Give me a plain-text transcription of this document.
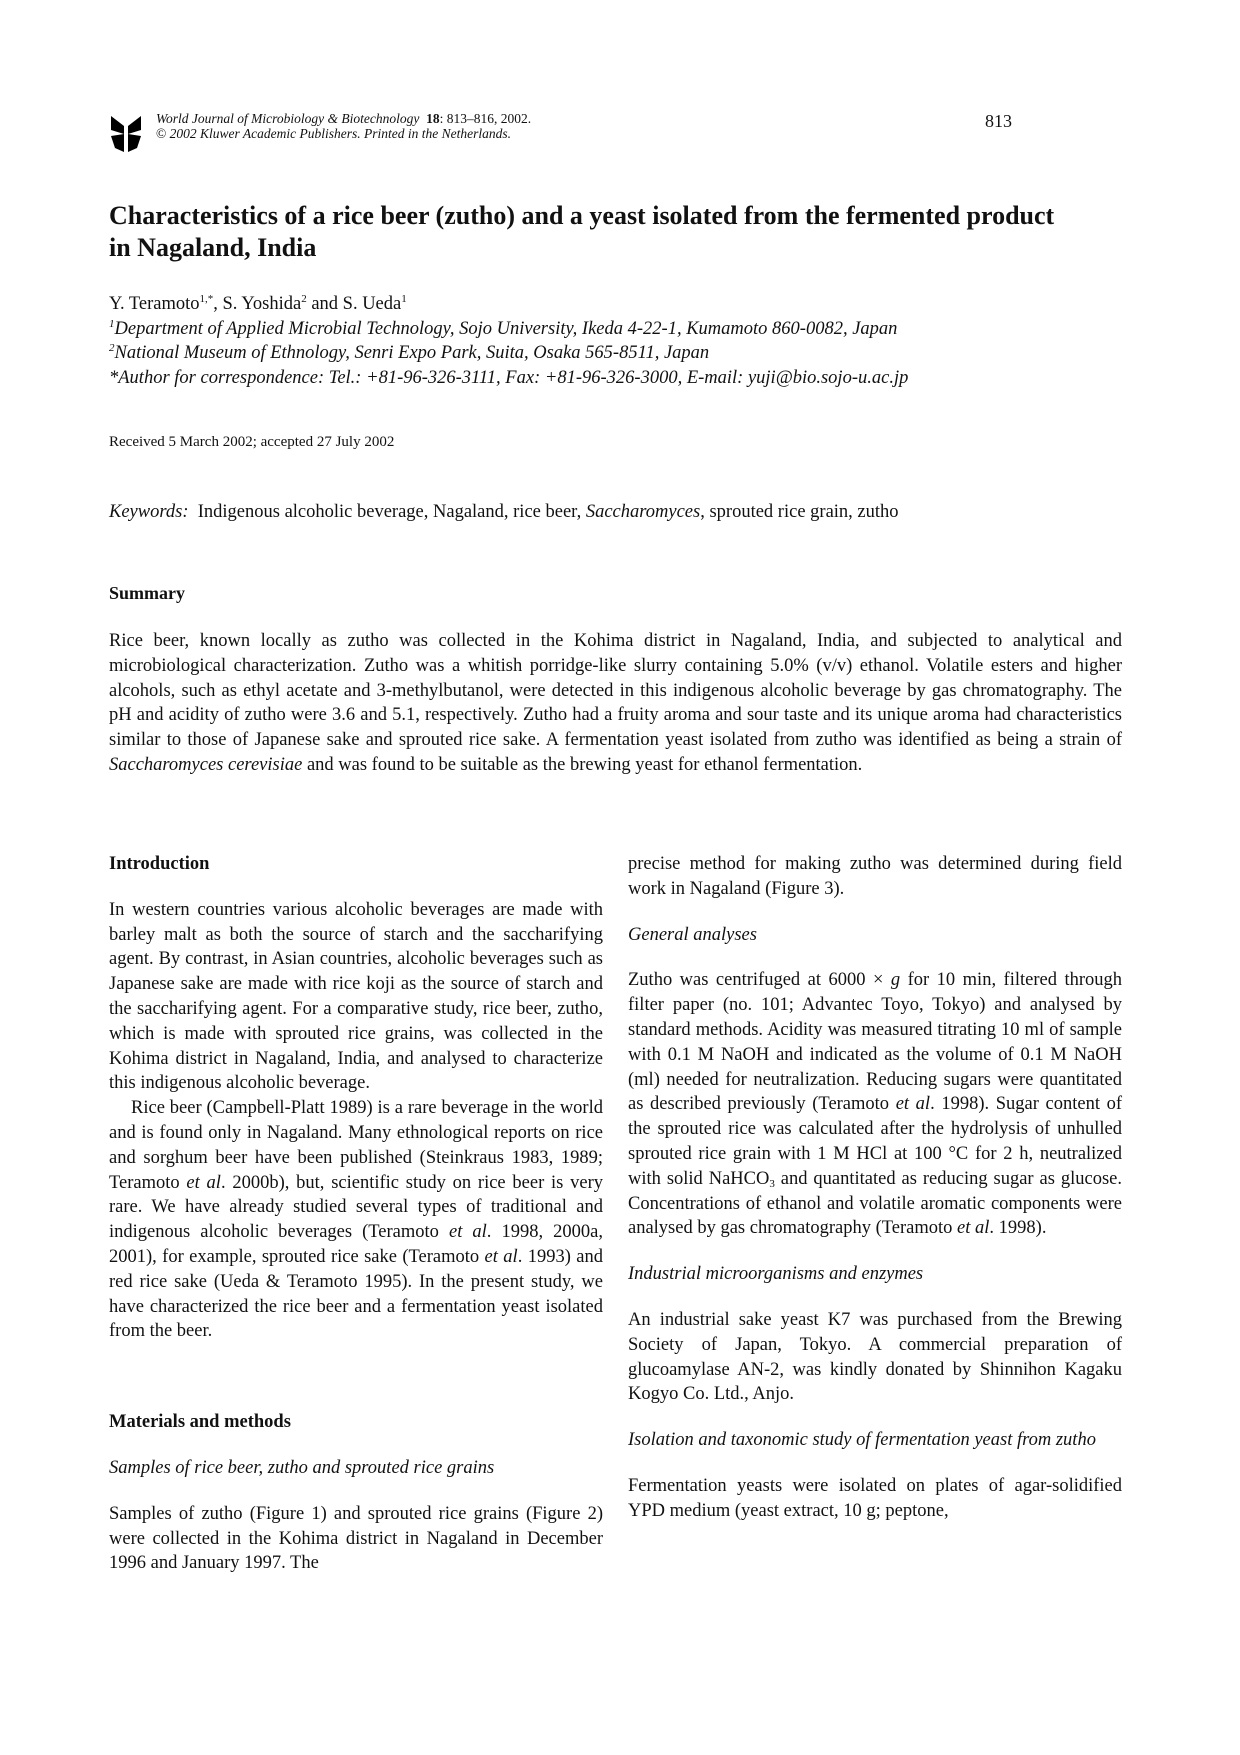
World Journal of Microbiology & Biotechnology 18: 813–816, 2002.
© 2002 Kluwer Academic Publishers. Printed in the Netherlands.
813
Characteristics of a rice beer (zutho) and a yeast isolated from the fermented product in Nagaland, India
Y. Teramoto$^{1,*}$, S. Yoshida$^2$ and S. Ueda$^1$
$^1$Department of Applied Microbial Technology, Sojo University, Ikeda 4-22-1, Kumamoto 860-0082, Japan
$^2$National Museum of Ethnology, Senri Expo Park, Suita, Osaka 565-8511, Japan
*Author for correspondence: Tel.: +81-96-326-3111, Fax: +81-96-326-3000, E-mail: yuji@bio.sojo-u.ac.jp
Received 5 March 2002; accepted 27 July 2002
Keywords: Indigenous alcoholic beverage, Nagaland, rice beer, Saccharomyces, sprouted rice grain, zutho
Summary
Rice beer, known locally as zutho was collected in the Kohima district in Nagaland, India, and subjected to analytical and microbiological characterization. Zutho was a whitish porridge-like slurry containing 5.0% (v/v) ethanol. Volatile esters and higher alcohols, such as ethyl acetate and 3-methylbutanol, were detected in this indigenous alcoholic beverage by gas chromatography. The pH and acidity of zutho were 3.6 and 5.1, respectively. Zutho had a fruity aroma and sour taste and its unique aroma had characteristics similar to those of Japanese sake and sprouted rice sake. A fermentation yeast isolated from zutho was identified as being a strain of Saccharomyces cerevisiae and was found to be suitable as the brewing yeast for ethanol fermentation.

Introduction

In western countries various alcoholic beverages are made with barley malt as both the source of starch and the saccharifying agent. By contrast, in Asian countries, alcoholic beverages such as Japanese sake are made with rice koji as the source of starch and the saccharifying agent. For a comparative study, rice beer, zutho, which is made with sprouted rice grains, was collected in the Kohima district in Nagaland, India, and analysed to characterize this indigenous alcoholic beverage.

Rice beer (Campbell-Platt 1989) is a rare beverage in the world and is found only in Nagaland. Many ethnological reports on rice and sorghum beer have been published (Steinkraus 1983, 1989; Teramoto et al. 2000b), but, scientific study on rice beer is very rare. We have already studied several types of traditional and indigenous alcoholic beverages (Teramoto et al. 1998, 2000a, 2001), for example, sprouted rice sake (Teramoto et al. 1993) and red rice sake (Ueda & Teramoto 1995). In the present study, we have characterized the rice beer and a fermentation yeast isolated from the beer.

Materials and methods

Samples of rice beer, zutho and sprouted rice grains

Samples of zutho (Figure 1) and sprouted rice grains (Figure 2) were collected in the Kohima district in Nagaland in December 1996 and January 1997. The

precise method for making zutho was determined during field work in Nagaland (Figure 3).

General analyses

Zutho was centrifuged at 6000 × g for 10 min, filtered through filter paper (no. 101; Advantec Toyo, Tokyo) and analysed by standard methods. Acidity was measured titrating 10 ml of sample with 0.1 M NaOH and indicated as the volume of 0.1 M NaOH (ml) needed for neutralization. Reducing sugars were quantitated as described previously (Teramoto et al. 1998). Sugar content of the sprouted rice was calculated after the hydrolysis of unhulled sprouted rice grain with 1 M HCl at 100 °C for 2 h, neutralized with solid NaHCO$_3$ and quantitated as reducing sugar as glucose. Concentrations of ethanol and volatile aromatic components were analysed by gas chromatography (Teramoto et al. 1998).

Industrial microorganisms and enzymes

An industrial sake yeast K7 was purchased from the Brewing Society of Japan, Tokyo. A commercial preparation of glucoamylase AN-2, was kindly donated by Shinnihon Kagaku Kogyo Co. Ltd., Anjo.

Isolation and taxonomic study of fermentation yeast from zutho

Fermentation yeasts were isolated on plates of agar-solidified YPD medium (yeast extract, 10 g; peptone,
